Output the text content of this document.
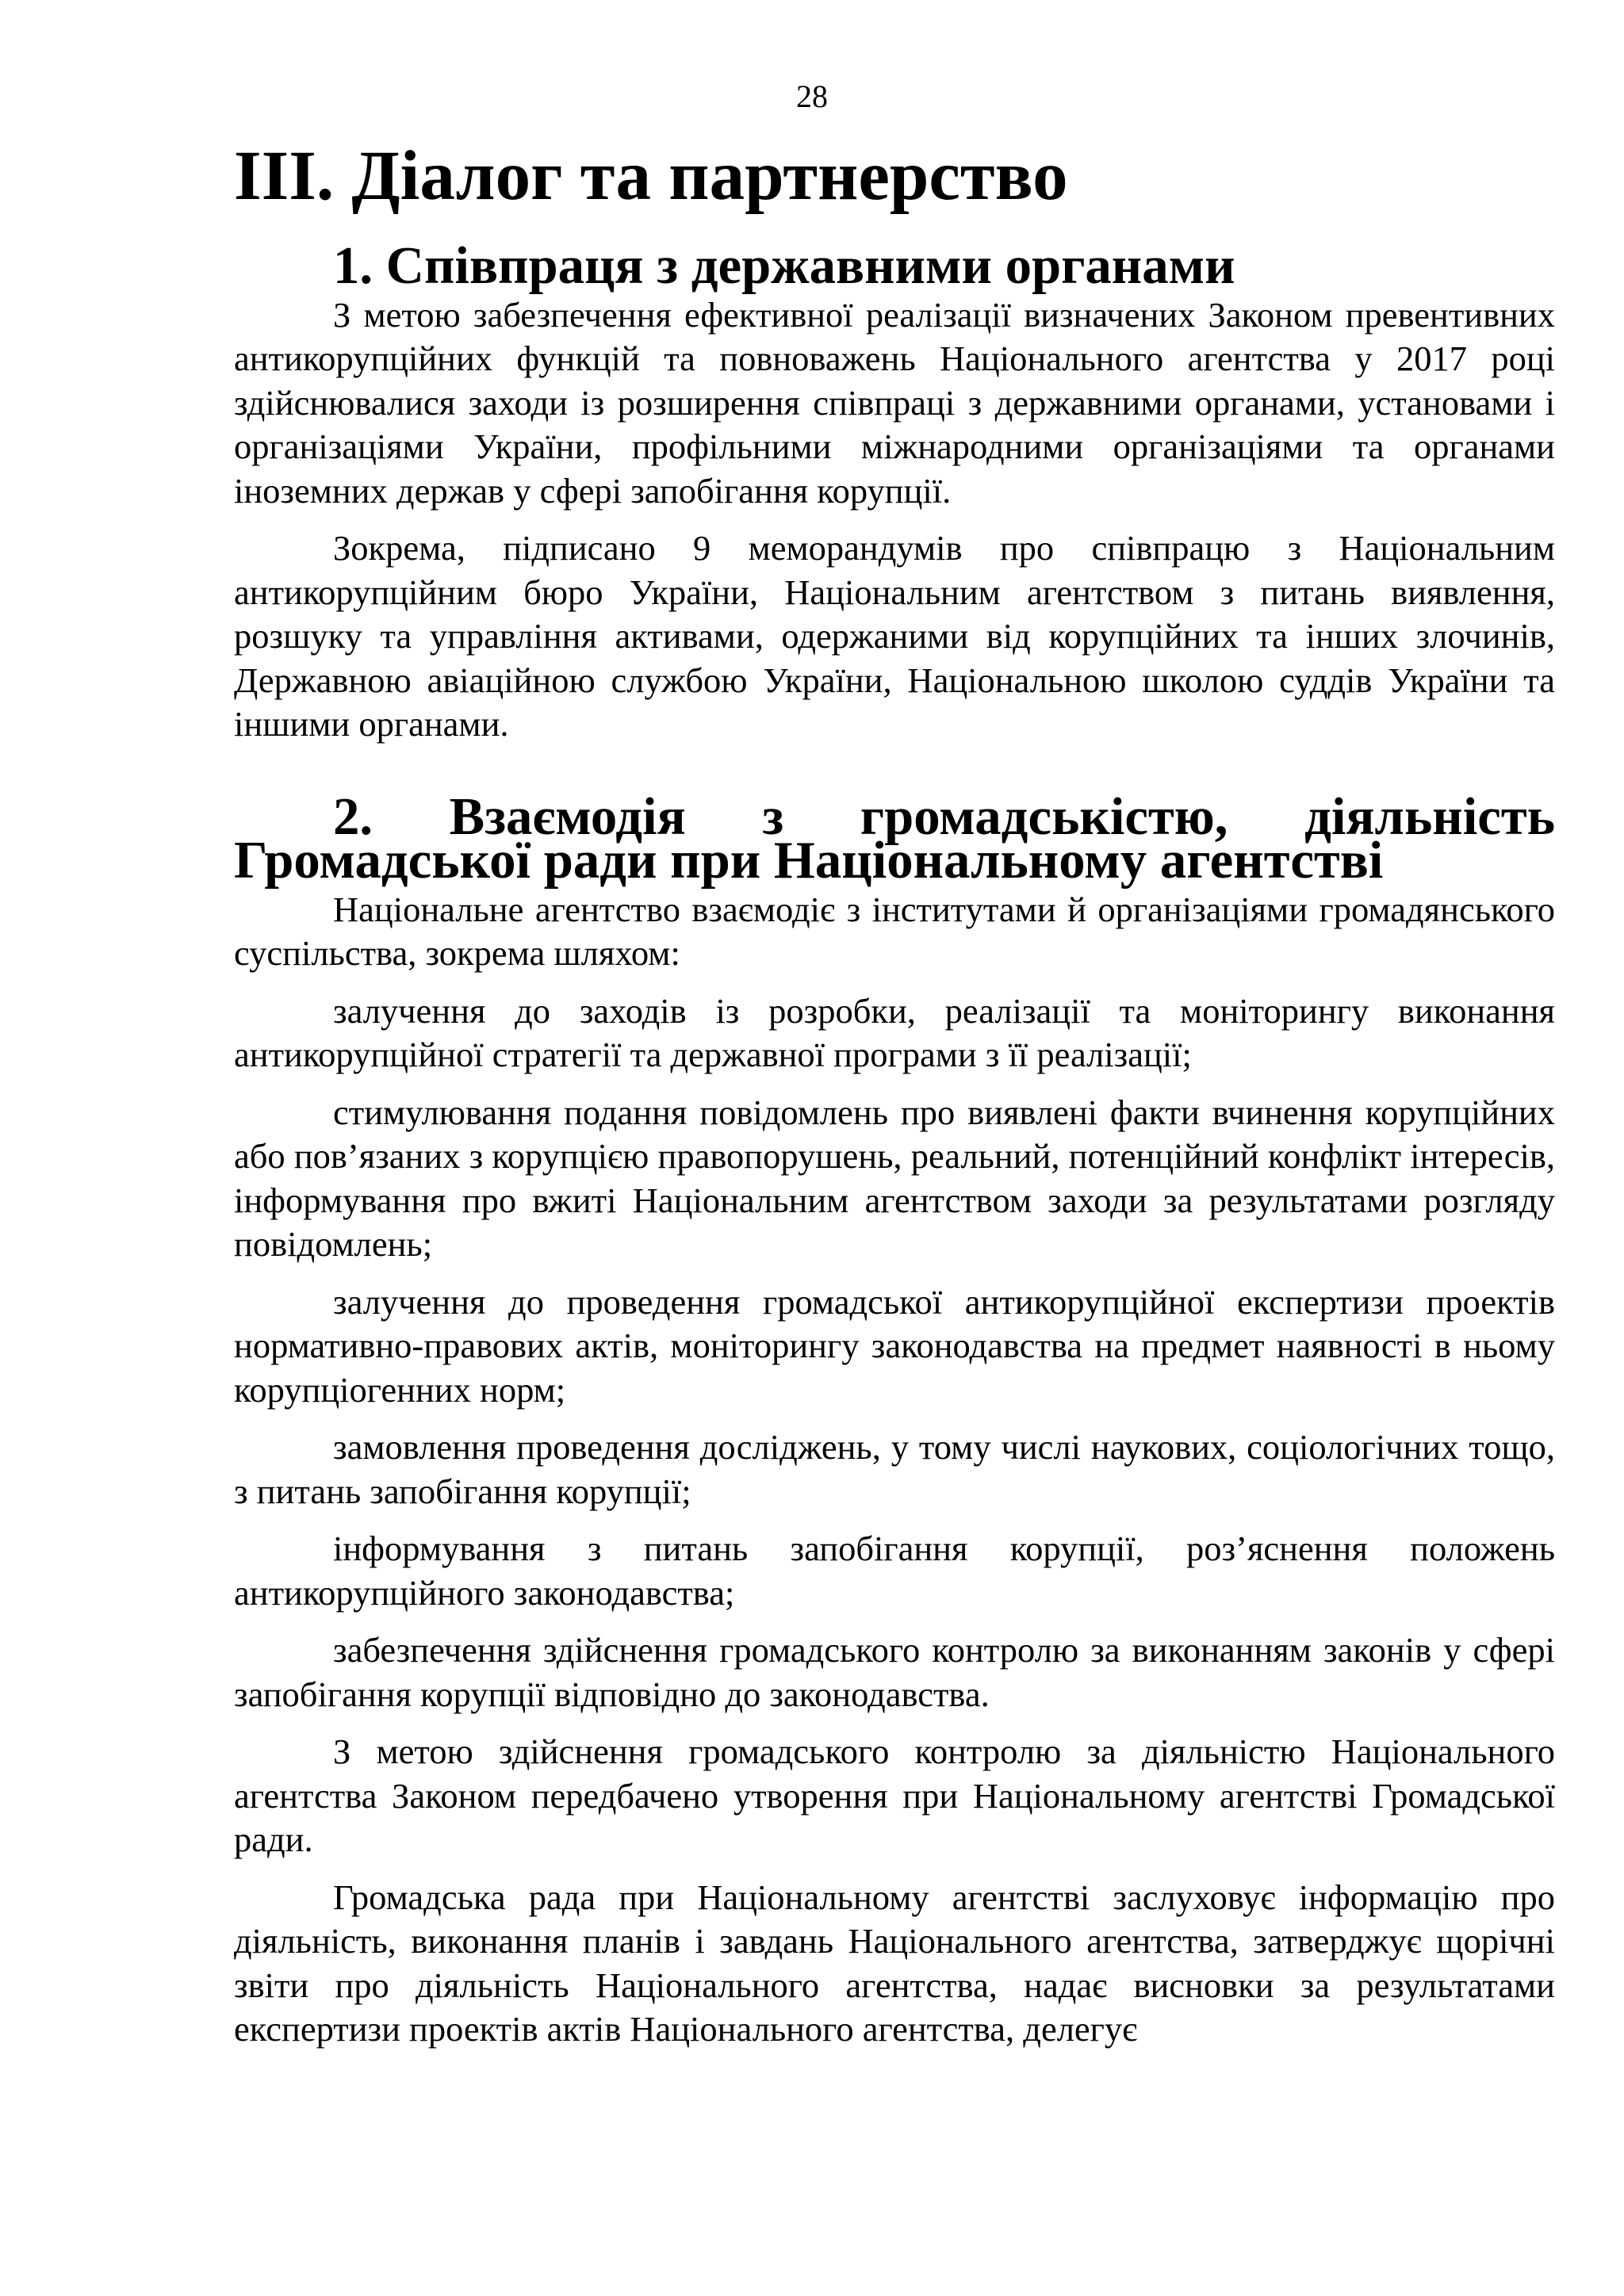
28
ІІІ. Діалог та партнерство
1. Співпраця з державними органами

З метою забезпечення ефективної реалізації визначених Законом превентивних антикорупційних функцій та повноважень Національного агентства у 2017 році здійснювалися заходи із розширення співпраці з державними органами, установами і організаціями України, профільними міжнародними організаціями та органами іноземних держав у сфері запобігання корупції.

Зокрема, підписано 9 меморандумів про співпрацю з Національним антикорупційним бюро України, Національним агентством з питань виявлення, розшуку та управління активами, одержаними від корупційних та інших злочинів, Державною авіаційною службою України, Національною школою суддів України та іншими органами.

2. Взаємодія з громадськістю, діяльність Громадської ради при Національному агентстві

Національне агентство взаємодіє з інститутами й організаціями громадянського суспільства, зокрема шляхом:

залучення до заходів із розробки, реалізації та моніторингу виконання антикорупційної стратегії та державної програми з її реалізації;

стимулювання подання повідомлень про виявлені факти вчинення корупційних або пов’язаних з корупцією правопорушень, реальний, потенційний конфлікт інтересів, інформування про вжиті Національним агентством заходи за результатами розгляду повідомлень;

залучення до проведення громадської антикорупційної експертизи проектів нормативно-правових актів, моніторингу законодавства на предмет наявності в ньому корупціогенних норм;

замовлення проведення досліджень, у тому числі наукових, соціологічних тощо, з питань запобігання корупції;

інформування з питань запобігання корупції, роз’яснення положень антикорупційного законодавства;

забезпечення здійснення громадського контролю за виконанням законів у сфері запобігання корупції відповідно до законодавства.

З метою здійснення громадського контролю за діяльністю Національного агентства Законом передбачено утворення при Національному агентстві Громадської ради.

Громадська рада при Національному агентстві заслуховує інформацію про діяльність, виконання планів і завдань Національного агентства, затверджує щорічні звіти про діяльність Національного агентства, надає висновки за результатами експертизи проектів актів Національного агентства, делегує
